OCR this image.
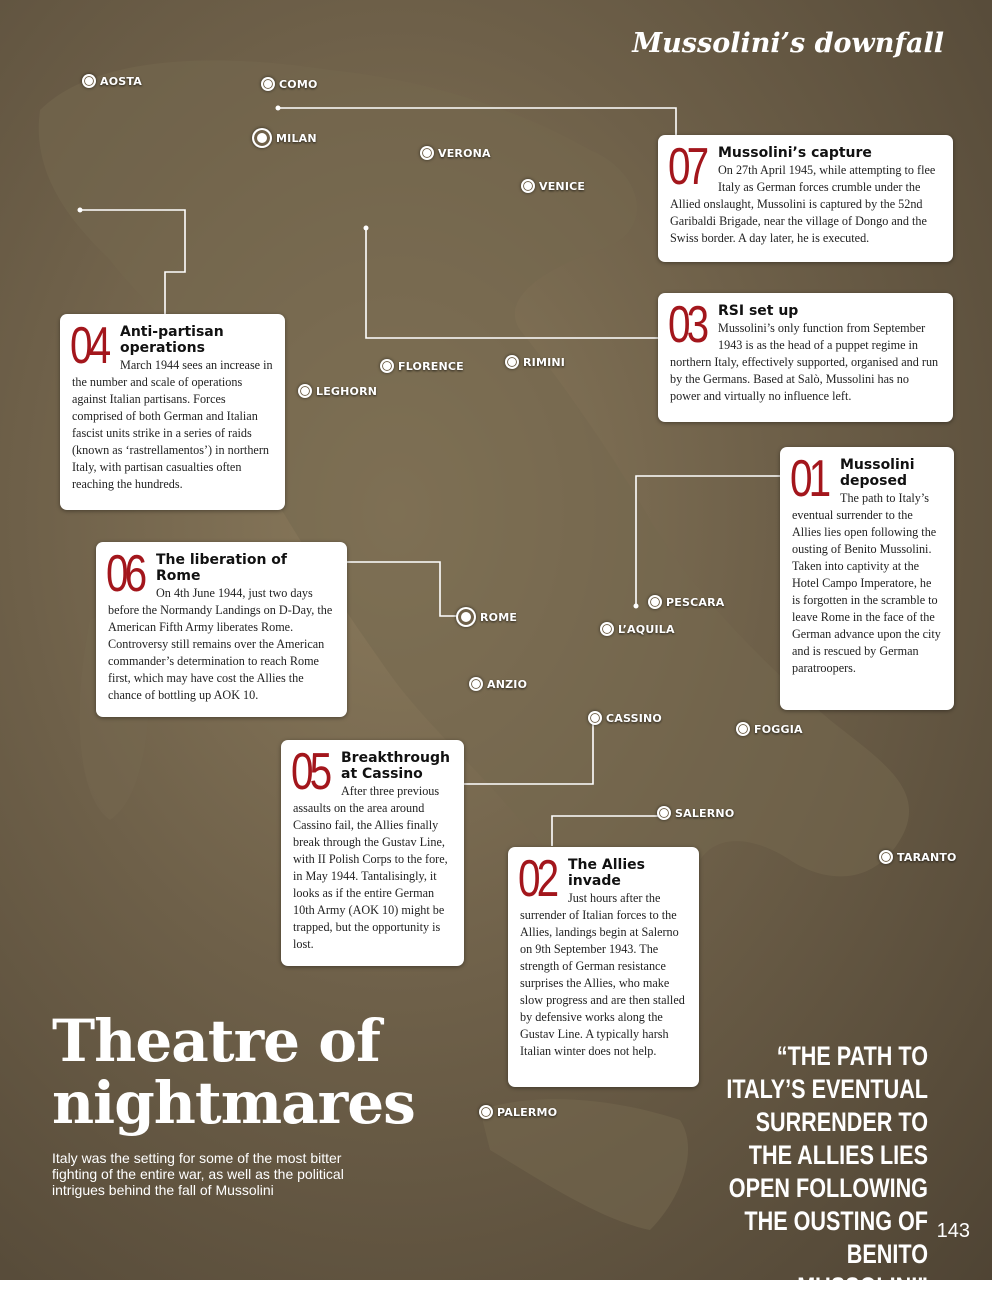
Mussolini’s downfall
AOSTA	COMO
MILAN
VERONA
VENICE
FLORENCE	RIMINI
LEGHORN
PESCARA
L’AQUILA
ROME
ANZIO
CASSINO
FOGGIA
SALERNO
TARANTO
PALERMO
07 Mussolini’s capture

On 27th April 1945, while attempting to flee Italy as German forces crumble under the Allied onslaught, Mussolini is captured by the 52nd Garibaldi Brigade, near the village of Dongo and the Swiss border. A day later, he is executed.

03 RSI set up

Mussolini’s only function from September 1943 is as the head of a puppet regime in northern Italy, effectively supported, organised and run by the Germans. Based at Salò, Mussolini has no power and virtually no influence left.

04 Anti-partisan operations

March 1944 sees an increase in the number and scale of operations against Italian partisans. Forces comprised of both German and Italian fascist units strike in a series of raids (known as ‘rastrellamentos’) in northern Italy, with partisan casualties often reaching the hundreds.	01 Mussolini deposed

The path to Italy’s eventual surrender to the Allies lies open following the ousting of Benito Mussolini. Taken into captivity at the Hotel Campo Imperatore, he is forgotten in the scramble to leave Rome in the face of the German advance upon the city and is rescued by German paratroopers.

06 The liberation of Rome

On 4th June 1944, just two days before the Normandy Landings on D-Day, the American Fifth Army liberates Rome. Controversy still remains over the American commander’s determination to reach Rome first, which may have cost the Allies the chance of bottling up AOK 10.

05 Breakthrough at Cassino

After three previous assaults on the area around Cassino fail, the Allies finally break through the Gustav Line, with II Polish Corps to the fore, in May 1944. Tantalisingly, it looks as if the entire German 10th Army (AOK 10) might be trapped, but the opportunity is lost.

02 The Allies invade

Just hours after the surrender of Italian forces to the Allies, landings begin at Salerno on 9th September 1943. The strength of German resistance surprises the Allies, who make slow progress and are then stalled by defensive works along the Gustav Line. A typically harsh Italian winter does not help.

Theatre of
nightmares
Italy was the setting for some of the most bitter fighting of the entire war, as well as the political intrigues behind the fall of Mussolini
“THE PATH TO ITALY’S EVENTUAL SURRENDER TO THE ALLIES LIES OPEN FOLLOWING THE OUSTING OF BENITO MUSSOLINI”
143
